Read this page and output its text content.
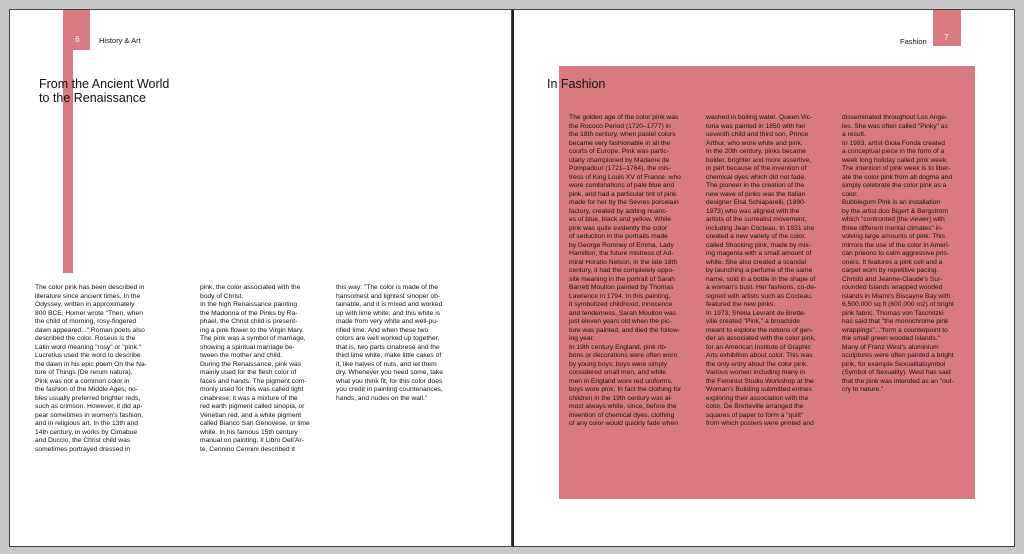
6	History & Art
From the Ancient World
to the Renaissance
The color pink has been described in
literature since ancient times. In the
Odyssey, written in approximately
800 BCE, Homer wrote "Then, when
the child of morning, rosy-fingered
dawn appeared..." Roman poets also
described the color. Roseus is the
Latin word meaning "rosy" or "pink."
Lucretius used the word to describe
the dawn in his epic poem On the Na-
ture of Things (De rerum natura).
Pink was not a common color in
the fashion of the Middle Ages; no-
bles usually preferred brighter reds,
such as crimson. However, it did ap-
pear sometimes in women's fashion,
and in religious art. In the 13th and
14th century, in works by Cimabue
and Duccio, the Christ child was
sometimes portrayed dressed in
pink, the color associated with the
body of Christ.
In the high Renaissance painting
the Madonna of the Pinks by Ra-
phael, the Christ child is present-
ing a pink flower to the Virgin Mary.
The pink was a symbol of marriage,
showing a spiritual marriage be-
tween the mother and child.
During the Renaissance, pink was
mainly used for the flesh color of
faces and hands. The pigment com-
monly used for this was called light
cinabrese; it was a mixture of the
red earth pigment called sinopia, or
Venetian red, and a white pigment
called Bianco San Genovese, or lime
white. In his famous 15th century
manual on painting, Il Libro Dell'Ar-
te, Cennino Cennini described it
this way: "The color is made of the
hansomest and lightest sinoper ob-
tainable, and it is mixed and worked
up with lime white; and this white is
made from very white and well-pu-
rified lime. And when these two
colors are well worked up together,
that is, two parts cinabrese and the
third lime white, make little cakes of
it, like halves of nuts, and let them
dry. Whenever you need some, take
what you think fit; for this color does
you credit in painting countenances,
hands, and nudes on the wall."
7
Fashion
In Fashion
The golden age of the color pink was
the Rococo Period (1720–1777) in
the 18th century, when pastel colors
became very fashionable in all the
courts of Europe. Pink was partic-
ularly championed by Madame de
Pompadour (1721–1764), the mis-
tress of King Louis XV of France. who
wore combinations of pale blue and
pink, and had a particular tint of pink
made for her by the Sevres porcelain
factory, created by adding nuanc-
es of blue, black and yellow. While
pink was quite evidently the color
of seduction in the portraits made
by George Romney of Emma, Lady
Hamilton, the future mistress of Ad-
miral Horatio Nelson, in the late 18th
century, it had the completely oppo-
site meaning in the portrait of Sarah
Barrett Moulton painted by Thomas
Lawrence in 1794. In this painting,
it symbolized childhood, innocence
and tenderness. Sarah Moulton was
just eleven years old when the pic-
ture was painted, and died the follow-
ing year.
In 19th century England, pink rib-
bons or decorations were often worn
by young boys; boys were simply
considered small men, and while
men in England wore red uniforms,
boys wore pink. In fact the clothing for
children in the 19th century was al-
most always white, since, before the
invention of chemical dyes, clothing
of any color would quickly fade when
washed in boiling water. Queen Vic-
toria was painted in 1850 with her
seventh child and third son, Prince
Arthur, who wore white and pink.
In the 20th century, pinks became
bolder, brighter and more assertive,
in part because of the invention of
chemical dyes which did not fade.
The pioneer in the creation of the
new wave of pinks was the Italian
designer Elsa Schiaparelli, (1890-
1973) who was aligned with the
artists of the surrealist movement,
including Jean Cocteau. In 1931 she
created a new variety of the color,
called Shocking pink, made by mix-
ing magenta with a small amount of
white. She also created a scandal
by launching a perfume of the same
name, sold in a bottle in the shape of
a woman's bust. Her fashions, co-de-
signed with artists such as Cocteau,
featured the new pinks.
In 1973, Sheila Levrant de Brette-
ville created "Pink," a broadside
meant to explore the notions of gen-
der as associated with the color pink,
for an American Institute of Graphic
Arts exhibition about color. This was
the only entry about the color pink.
Various women including many in
the Feminist Studio Workshop at the
Woman's Building submitted entries
exploring their association with the
color. De Bretteville arranged the
squares of paper to form a "quilt"
from which posters were printed and
disseminated throughout Los Ange-
les. She was often called "Pinky" as
a result.
In 1993, artist Gioia Fonda created
a conceptual piece in the form of a
week long holiday called pink week.
The intention of pink week is to liber-
ate the color pink from all dogma and
simply celebrate the color pink as a
color.
Bubblegum Pink is an installation
by the artist duo Bigert & Bergstrom
which "contronted [the viewer] with
three different mental climates" in-
volving large amounts of pink. This
mirrors the use of the color in Ameri-
can prieons to calm aggressive pris-
oners. It features a pink cell and a
carpet worn by repetitive pacing.
Christo and Jeanne-Claude's Sur-
rounded Islands wrapped wooded
islands in Miami's Biscayne Bay with
6,500,000 sq ft (600,000 m2) of bright
pink fabric. Thomas von Taschitzki
has said that "the monochrome pink
wrappings"..."form a counterpoint to
the small green wooded islands."
Many of Franz West's aluminium
sculptures were often painted a bright
pink, for example Sexualitatsymbol
(Symbol of Sexuality). West has said
that the pink was intended as an "out-
cry to nature."
